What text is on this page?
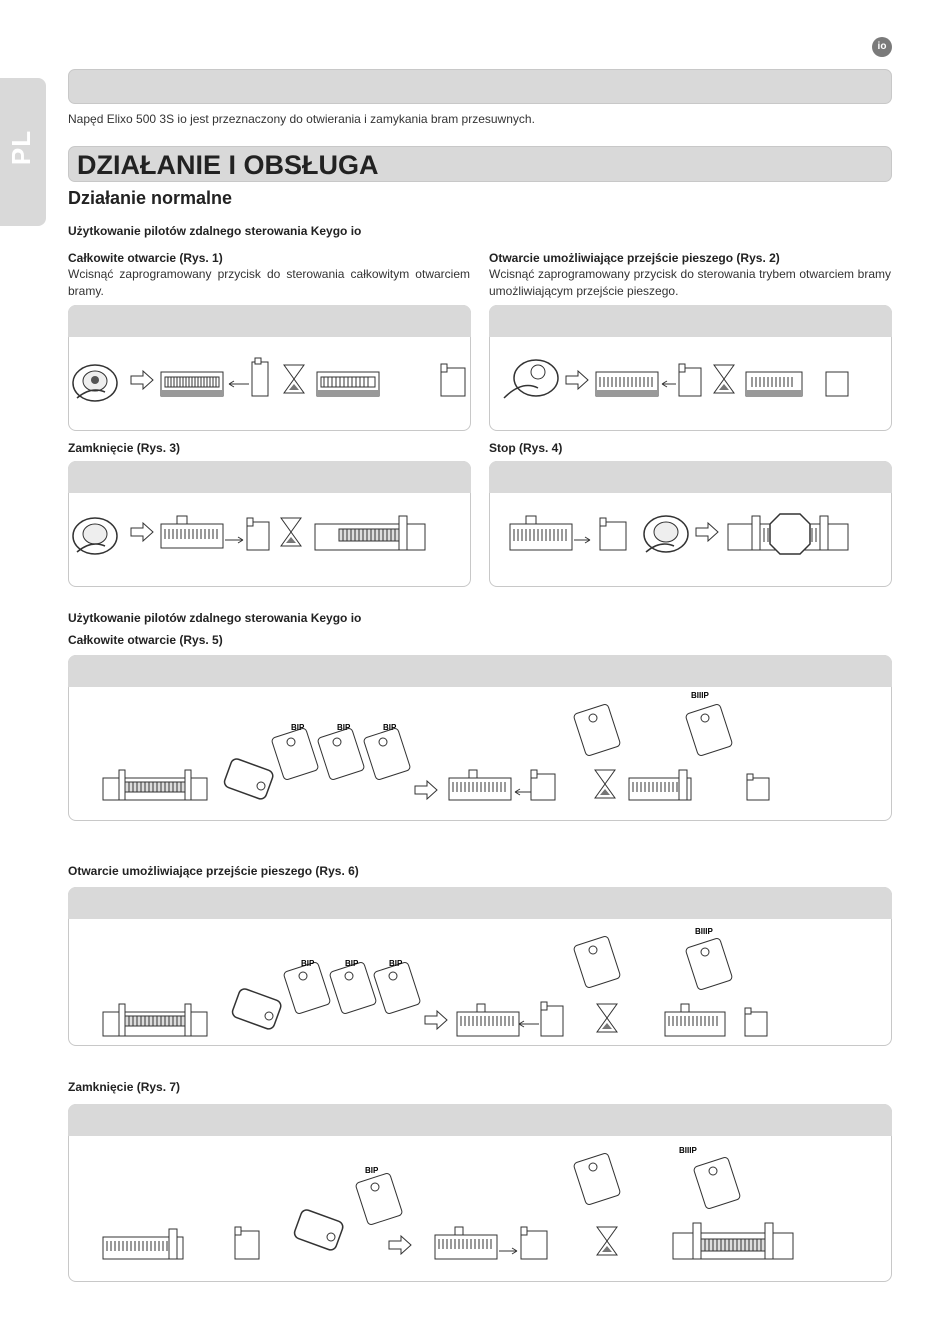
PL
io
Napęd Elixo 500 3S io jest przeznaczony do otwierania i zamykania bram przesuwnych.
DZIAŁANIE I OBSŁUGA
Działanie normalne
Użytkowanie pilotów zdalnego sterowania Keygo io
Całkowite otwarcie (Rys. 1)
Wcisnąć zaprogramowany przycisk do sterowania całkowitym otwarciem bramy.
Otwarcie umożliwiające przejście pieszego (Rys. 2)
Wcisnąć zaprogramowany przycisk do sterowania trybem otwarciem bramy umożliwiającym przejście pieszego.
Zamknięcie (Rys. 3)	Stop (Rys. 4)
Użytkowanie pilotów zdalnego sterowania Keygo io
Całkowite otwarcie (Rys. 5)
BIP	BIP	BIP
BIIIP
Otwarcie umożliwiające przejście pieszego (Rys. 6)
BIP	BIP	BIP
BIIIP
Zamknięcie (Rys. 7)
BIP
BIIIP
